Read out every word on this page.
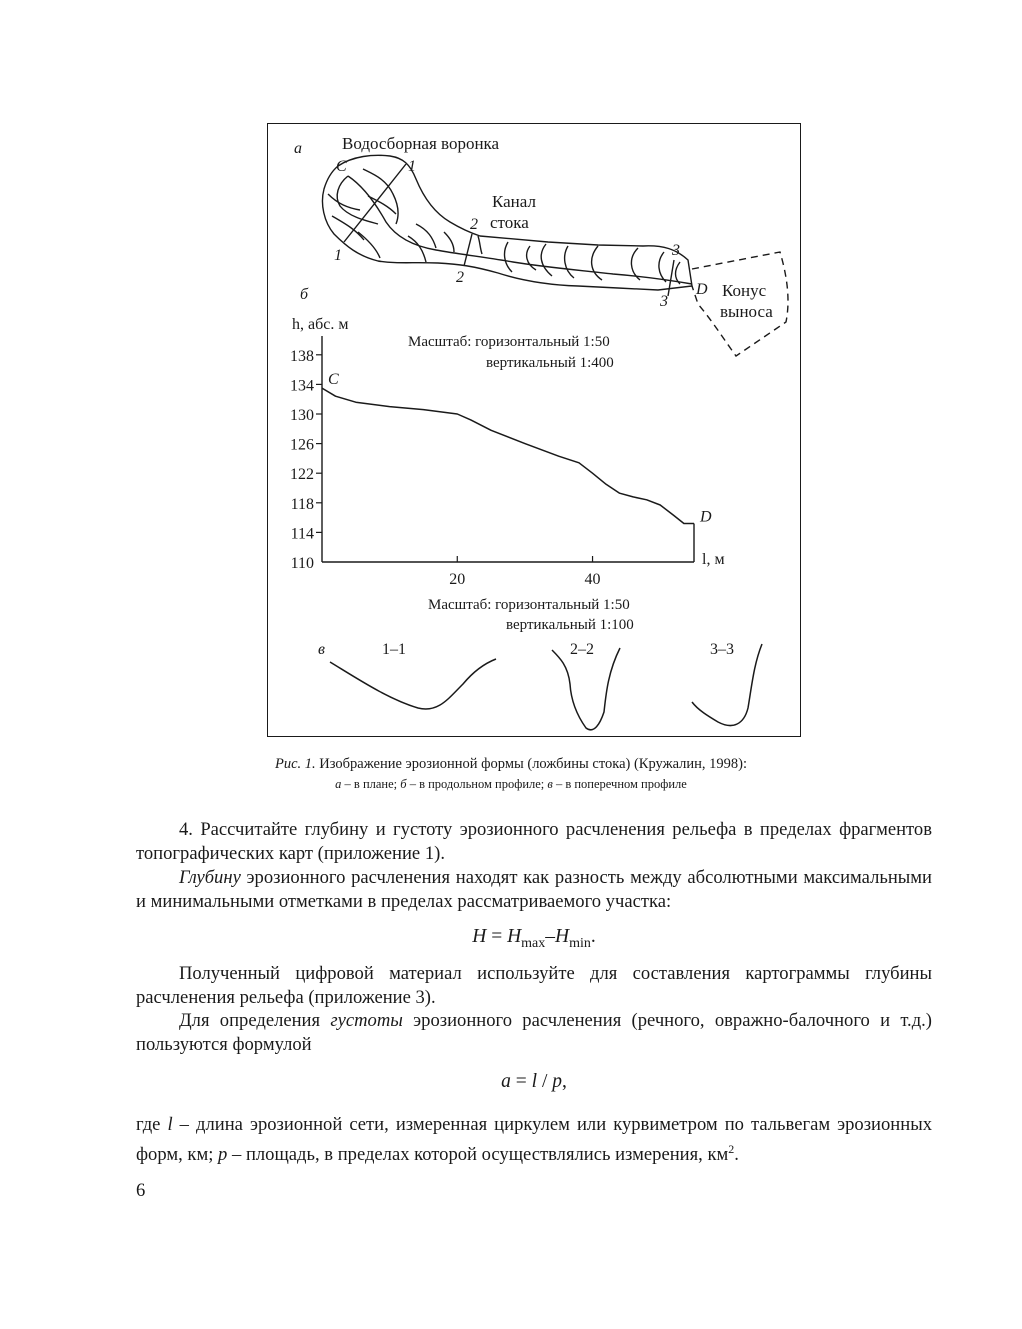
а Водосборная воронка
C	1
1
Канал
стока
2
2
3
3
D Конус
выноса
б
h, абс. м
Масштаб: горизонтальный 1:50
вертикальный 1:400
138
134
130
126
122
118
114
110
20	40
l, м
C
D
Масштаб: горизонтальный 1:50
вертикальный 1:100
в	1–1	2–2	3–3
Рис. 1. Изображение эрозионной формы (ложбины стока) (Кружалин, 1998):
а – в плане; б – в продольном профиле; в – в поперечном профиле

4. Рассчитайте глубину и густоту эрозионного расчленения рельефа в пределах фрагментов топографических карт (приложение 1).

Глубину эрозионного расчленения находят как разность между абсолютными максимальными и минимальными отметками в пределах рассматриваемого участка:

$H = H_{max}-H_{min}$.

Полученный цифровой материал используйте для составления картограммы глубины расчленения рельефа (приложение 3).

Для определения густоты эрозионного расчленения (речного, овражно-балочного и т.д.) пользуются формулой

a = l / p,

где l – длина эрозионной сети, измеренная циркулем или курвиметром по тальвегам эрозионных форм, км; p – площадь, в пределах которой осуществлялись измерения, $км^2$.

6
